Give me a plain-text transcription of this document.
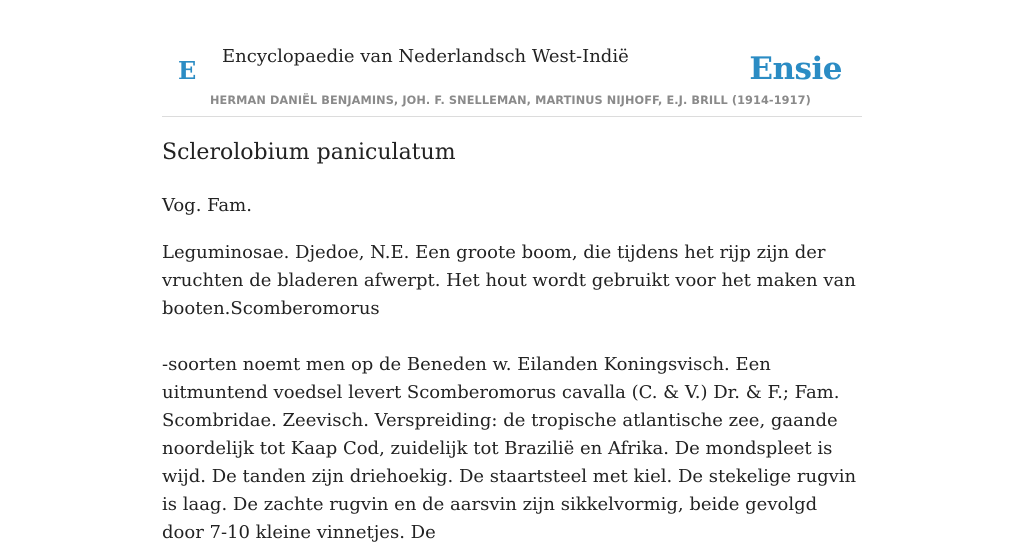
E Encyclopaedie van Nederlandsch West-Indië	Ensie
HERMAN DANIËL BENJAMINS, JOH. F. SNELLEMAN, MARTINUS NIJHOFF, E.J. BRILL (1914-1917)
Sclerolobium paniculatum

Vog. Fam.

Leguminosae. Djedoe, N.E. Een groote boom, die tijdens het rijp zijn der vruchten de bladeren afwerpt. Het hout wordt gebruikt voor het maken van booten.Scomberomorus

-soorten noemt men op de Beneden w. Eilanden Koningsvisch. Een uitmuntend voedsel levert Scomberomorus cavalla (C. & V.) Dr. & F.; Fam. Scombridae. Zeevisch. Verspreiding: de tropische atlantische zee, gaande noordelijk tot Kaap Cod, zuidelijk tot Brazilië en Afrika. De mondspleet is wijd. De tanden zijn driehoekig. De staartsteel met kiel. De stekelige rugvin is laag. De zachte rugvin en de aarsvin zijn sikkelvormig, beide gevolgd door 7-10 kleine vinnetjes. De
